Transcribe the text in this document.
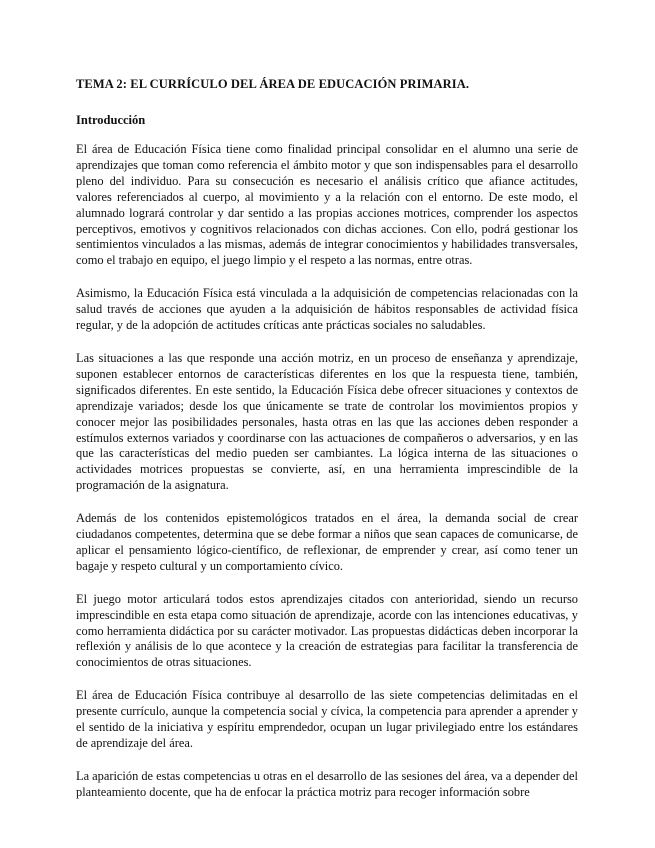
TEMA 2: EL CURRÍCULO DEL ÁREA DE EDUCACIÓN PRIMARIA.
Introducción

El área de Educación Física tiene como finalidad principal consolidar en el alumno una serie de aprendizajes que toman como referencia el ámbito motor y que son indispensables para el desarrollo pleno del individuo. Para su consecución es necesario el análisis crítico que afiance actitudes, valores referenciados al cuerpo, al movimiento y a la relación con el entorno. De este modo, el alumnado logrará controlar y dar sentido a las propias acciones motrices, comprender los aspectos perceptivos, emotivos y cognitivos relacionados con dichas acciones. Con ello, podrá gestionar los sentimientos vinculados a las mismas, además de integrar conocimientos y habilidades transversales, como el trabajo en equipo, el juego limpio y el respeto a las normas, entre otras.

Asimismo, la Educación Física está vinculada a la adquisición de competencias relacionadas con la salud través de acciones que ayuden a la adquisición de hábitos responsables de actividad física regular, y de la adopción de actitudes críticas ante prácticas sociales no saludables.

Las situaciones a las que responde una acción motriz, en un proceso de enseñanza y aprendizaje, suponen establecer entornos de características diferentes en los que la respuesta tiene, también, significados diferentes. En este sentido, la Educación Física debe ofrecer situaciones y contextos de aprendizaje variados; desde los que únicamente se trate de controlar los movimientos propios y conocer mejor las posibilidades personales, hasta otras en las que las acciones deben responder a estímulos externos variados y coordinarse con las actuaciones de compañeros o adversarios, y en las que las características del medio pueden ser cambiantes. La lógica interna de las situaciones o actividades motrices propuestas se convierte, así, en una herramienta imprescindible de la programación de la asignatura.

Además de los contenidos epistemológicos tratados en el área, la demanda social de crear ciudadanos competentes, determina que se debe formar a niños que sean capaces de comunicarse, de aplicar el pensamiento lógico-científico, de reflexionar, de emprender y crear, así como tener un bagaje y respeto cultural y un comportamiento cívico.

El juego motor articulará todos estos aprendizajes citados con anterioridad, siendo un recurso imprescindible en esta etapa como situación de aprendizaje, acorde con las intenciones educativas, y como herramienta didáctica por su carácter motivador. Las propuestas didácticas deben incorporar la reflexión y análisis de lo que acontece y la creación de estrategias para facilitar la transferencia de conocimientos de otras situaciones.

El área de Educación Física contribuye al desarrollo de las siete competencias delimitadas en el presente currículo, aunque la competencia social y cívica, la competencia para aprender a aprender y el sentido de la iniciativa y espíritu emprendedor, ocupan un lugar privilegiado entre los estándares de aprendizaje del área.

La aparición de estas competencias u otras en el desarrollo de las sesiones del área, va a depender del planteamiento docente, que ha de enfocar la práctica motriz para recoger información sobre
